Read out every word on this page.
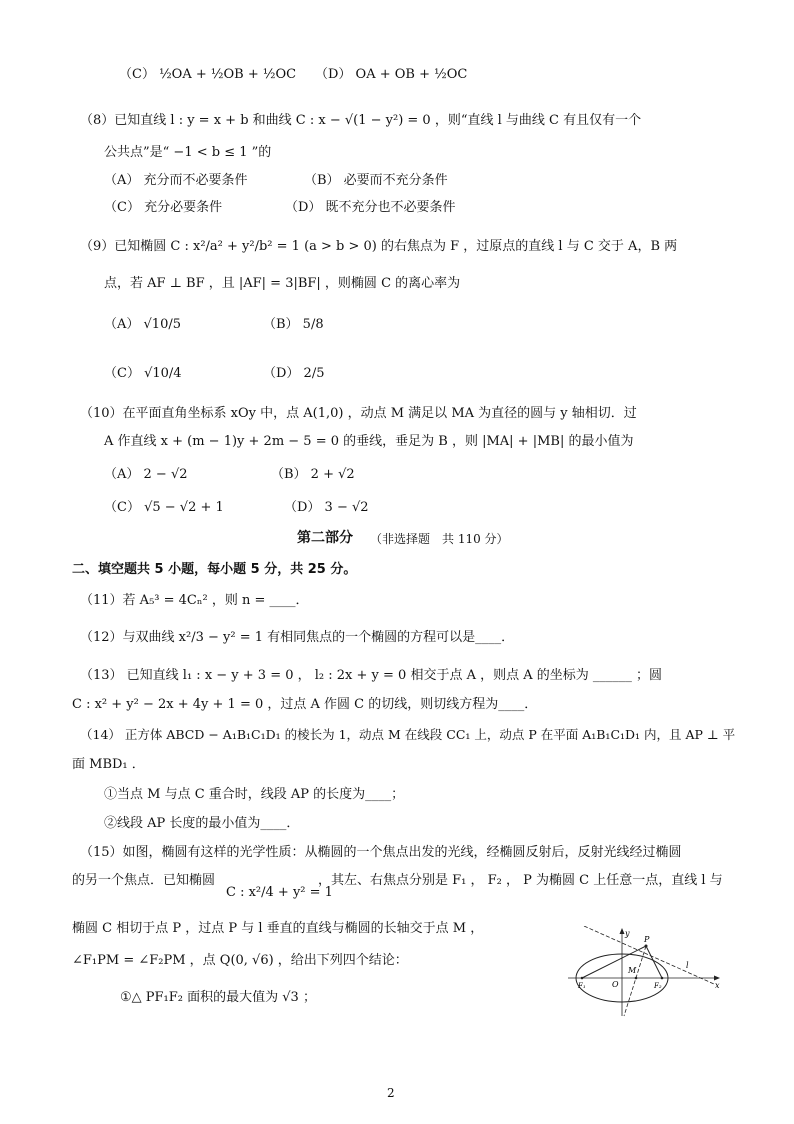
（C） ½OA + ½OB + ½OC （D） OA + OB + ½OC
（8）已知直线 l : y = x + b 和曲线 C : x − √(1 − y²) = 0 ，则“直线 l 与曲线 C 有且仅有一个
公共点”是“ −1 < b ≤ 1 ”的
（A） 充分而不必要条件	（B） 必要而不充分条件
（C） 充分必要条件	（D） 既不充分也不必要条件
（9）已知椭圆 C : x²/a² + y²/b² = 1 (a > b > 0) 的右焦点为 F ，过原点的直线 l 与 C 交于 A，B 两
点，若 AF ⊥ BF ，且 |AF| = 3|BF| ，则椭圆 C 的离心率为
（A） √10/5	（B） 5/8
（C） √10/4	（D） 2/5
（10）在平面直角坐标系 xOy 中，点 A(1,0) ，动点 M 满足以 MA 为直径的圆与 y 轴相切．过
A 作直线 x + (m − 1)y + 2m − 5 = 0 的垂线，垂足为 B ，则 |MA| + |MB| 的最小值为
（A） 2 − √2	（B） 2 + √2
（C） √5 − √2 + 1	（D） 3 − √2
第二部分 （非选择题　共 110 分）
二、填空题共 5 小题，每小题 5 分，共 25 分。
（11）若 A₅³ = 4Cₙ² ，则 n = ____．
（12）与双曲线 x²/3 − y² = 1 有相同焦点的一个椭圆的方程可以是____．
（13） 已知直线 l₁ : x − y + 3 = 0 ， l₂ : 2x + y = 0 相交于点 A ，则点 A 的坐标为 ______ ；圆
C : x² + y² − 2x + 4y + 1 = 0 ，过点 A 作圆 C 的切线，则切线方程为____．
（14） 正方体 ABCD − A₁B₁C₁D₁ 的棱长为 1，动点 M 在线段 CC₁ 上，动点 P 在平面 A₁B₁C₁D₁ 内，且 AP ⊥ 平
面 MBD₁ ．
①当点 M 与点 C 重合时，线段 AP 的长度为____；
②线段 AP 长度的最小值为____．
（15）如图，椭圆有这样的光学性质：从椭圆的一个焦点出发的光线，经椭圆反射后，反射光线经过椭圆
的另一个焦点．已知椭圆
C : x²/4 + y² = 1
，其左、右焦点分别是 F₁ ， F₂ ， P 为椭圆 C 上任意一点，直线 l 与
椭圆 C 相切于点 P ，过点 P 与 l 垂直的直线与椭圆的长轴交于点 M ，
∠F₁PM = ∠F₂PM ，点 Q(0, √6) ，给出下列四个结论：
①△ PF₁F₂ 面积的最大值为 √3 ；
y
x
P
M
O
F₁	F₂
l
2
